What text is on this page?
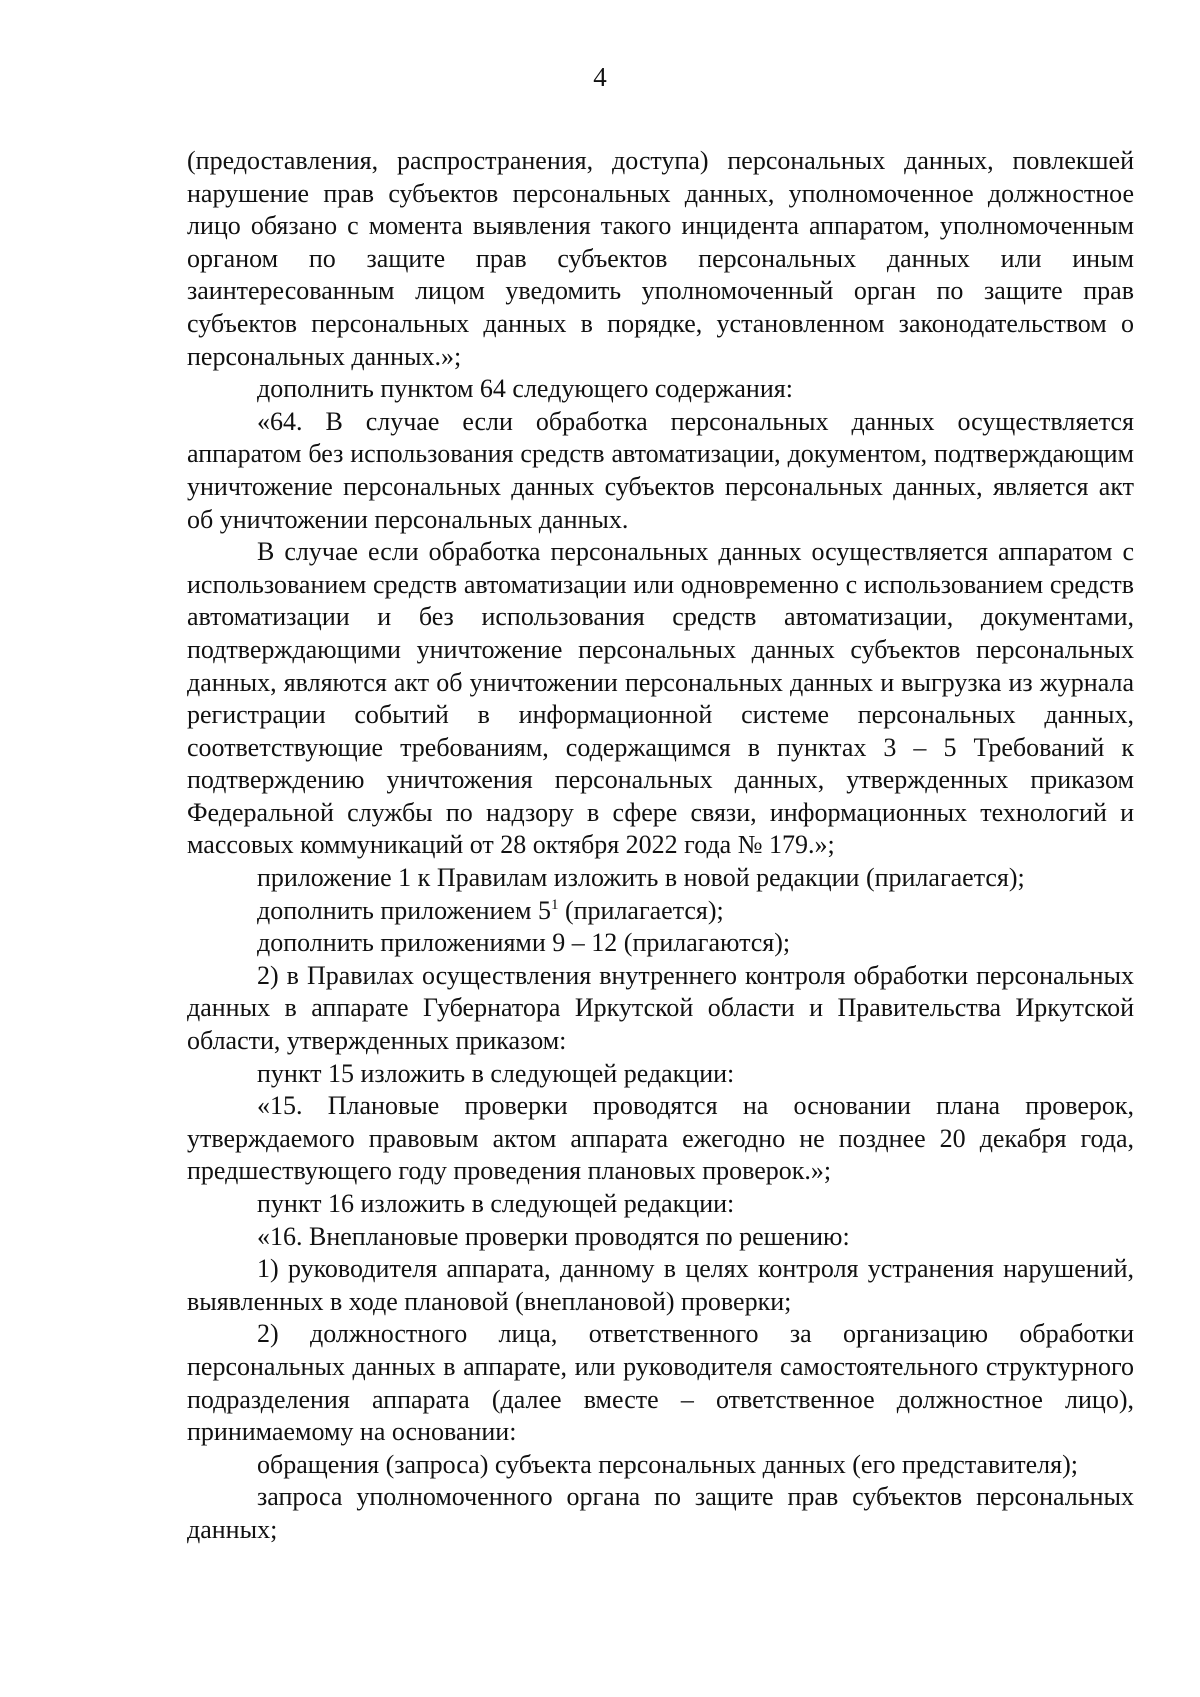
4

(предоставления, распространения, доступа) персональных данных, повлекшей нарушение прав субъектов персональных данных, уполномоченное должностное лицо обязано с момента выявления такого инцидента аппаратом, уполномоченным органом по защите прав субъектов персональных данных или иным заинтересованным лицом уведомить уполномоченный орган по защите прав субъектов персональных данных в порядке, установленном законодательством о персональных данных.»;

дополнить пунктом 64 следующего содержания:

«64. В случае если обработка персональных данных осуществляется аппаратом без использования средств автоматизации, документом, подтверждающим уничтожение персональных данных субъектов персональных данных, является акт об уничтожении персональных данных.

В случае если обработка персональных данных осуществляется аппаратом с использованием средств автоматизации или одновременно с использованием средств автоматизации и без использования средств автоматизации, документами, подтверждающими уничтожение персональных данных субъектов персональных данных, являются акт об уничтожении персональных данных и выгрузка из журнала регистрации событий в информационной системе персональных данных, соответствующие требованиям, содержащимся в пунктах 3 – 5 Требований к подтверждению уничтожения персональных данных, утвержденных приказом Федеральной службы по надзору в сфере связи, информационных технологий и массовых коммуникаций от 28 октября 2022 года № 179.»;

приложение 1 к Правилам изложить в новой редакции (прилагается);

дополнить приложением $5^1$ (прилагается);

дополнить приложениями 9 – 12 (прилагаются);

2) в Правилах осуществления внутреннего контроля обработки персональных данных в аппарате Губернатора Иркутской области и Правительства Иркутской области, утвержденных приказом:

пункт 15 изложить в следующей редакции:

«15. Плановые проверки проводятся на основании плана проверок, утверждаемого правовым актом аппарата ежегодно не позднее 20 декабря года, предшествующего году проведения плановых проверок.»;

пункт 16 изложить в следующей редакции:

«16. Внеплановые проверки проводятся по решению:

1) руководителя аппарата, данному в целях контроля устранения нарушений, выявленных в ходе плановой (внеплановой) проверки;

2) должностного лица, ответственного за организацию обработки персональных данных в аппарате, или руководителя самостоятельного структурного подразделения аппарата (далее вместе – ответственное должностное лицо), принимаемому на основании:

обращения (запроса) субъекта персональных данных (его представителя);

запроса уполномоченного органа по защите прав субъектов персональных данных;
